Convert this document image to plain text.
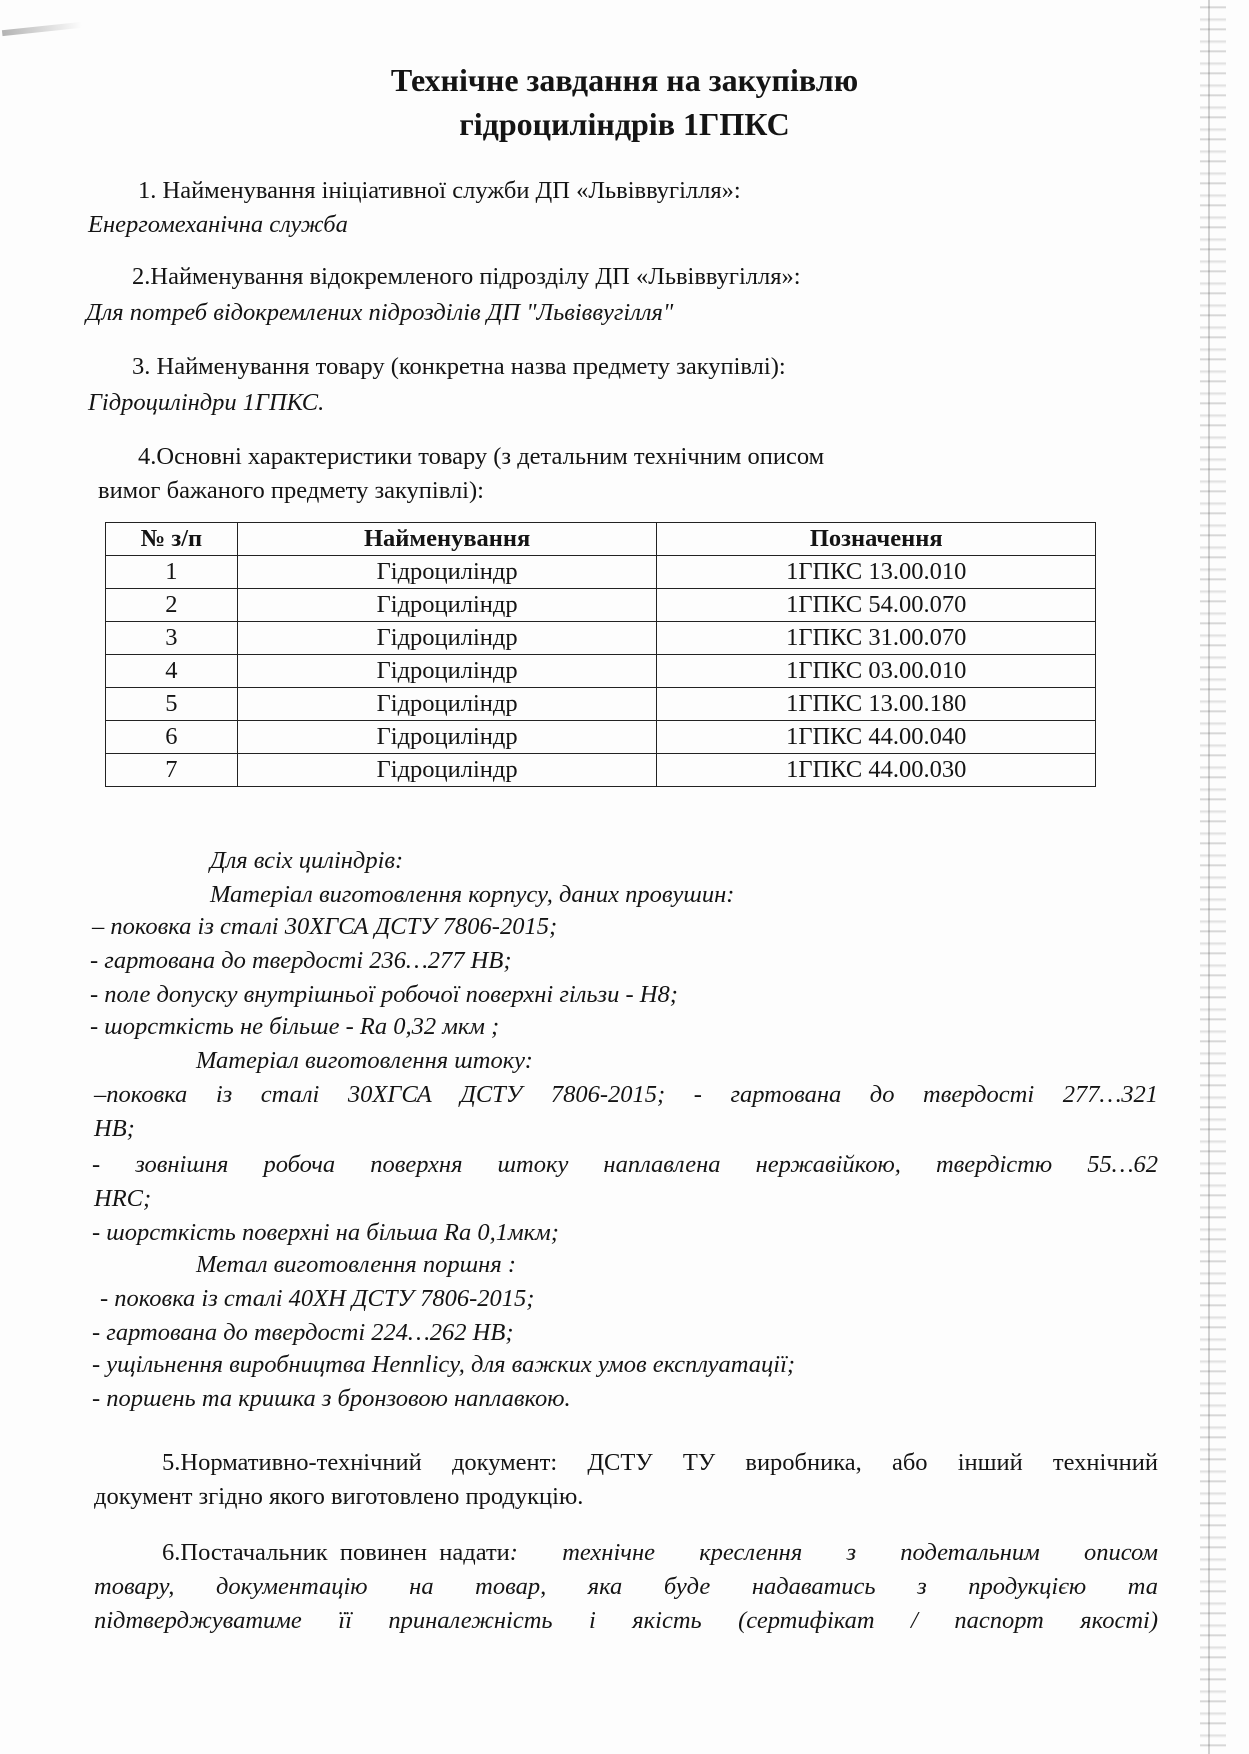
Технічне завдання на закупівлю
гідроциліндрів 1ГПКС
1. Найменування ініціативної служби ДП «Львіввугілля»:
Енергомеханічна служба
2.Найменування відокремленого підрозділу ДП «Львіввугілля»:
Для потреб відокремлених підрозділів ДП "Львіввугілля"
3. Найменування товару (конкретна назва предмету закупівлі):
Гідроциліндри 1ГПКС.
4.Основні характеристики товару (з детальним технічним описом
вимог бажаного предмету закупівлі):
№ з/п	Найменування	Позначення
1	Гідроциліндр	1ГПКС 13.00.010
2	Гідроциліндр	1ГПКС 54.00.070
3	Гідроциліндр	1ГПКС 31.00.070
4	Гідроциліндр	1ГПКС 03.00.010
5	Гідроциліндр	1ГПКС 13.00.180
6	Гідроциліндр	1ГПКС 44.00.040
7	Гідроциліндр	1ГПКС 44.00.030
Для всіх циліндрів:
Матеріал виготовлення корпусу, даних провушин:
– поковка із сталі 30ХГСА ДСТУ 7806-2015;
- гартована до твердості 236…277 НВ;
- поле допуску внутрішньої робочої поверхні гільзи - Н8;
- шорсткість не більше - Ra 0,32 мкм ;
Матеріал виготовлення штоку:
–поковка із сталі 30ХГСА ДСТУ 7806-2015; - гартована до твердості 277…321
НВ;
- зовнішня робоча поверхня штоку наплавлена нержавійкою, твердістю 55…62
HRC;
- шорсткість поверхні на більша Ra 0,1мкм;
Метал виготовлення поршня :
- поковка із сталі 40ХН ДСТУ 7806-2015;
- гартована до твердості 224…262 НВ;
- ущільнення виробництва Hennlicy, для важких умов експлуатації;
- поршень та кришка з бронзовою наплавкою.
5.Нормативно-технічний документ: ДСТУ ТУ виробника, або інший технічний
документ згідно якого виготовлено продукцію.
6.Постачальник  повинен  надати :  технічне  креслення  з  подетальним  описом
товару, документацію на товар, яка буде надаватись з продукцією та
підтверджуватиме її приналежність і якість (сертифікат / паспорт якості)
